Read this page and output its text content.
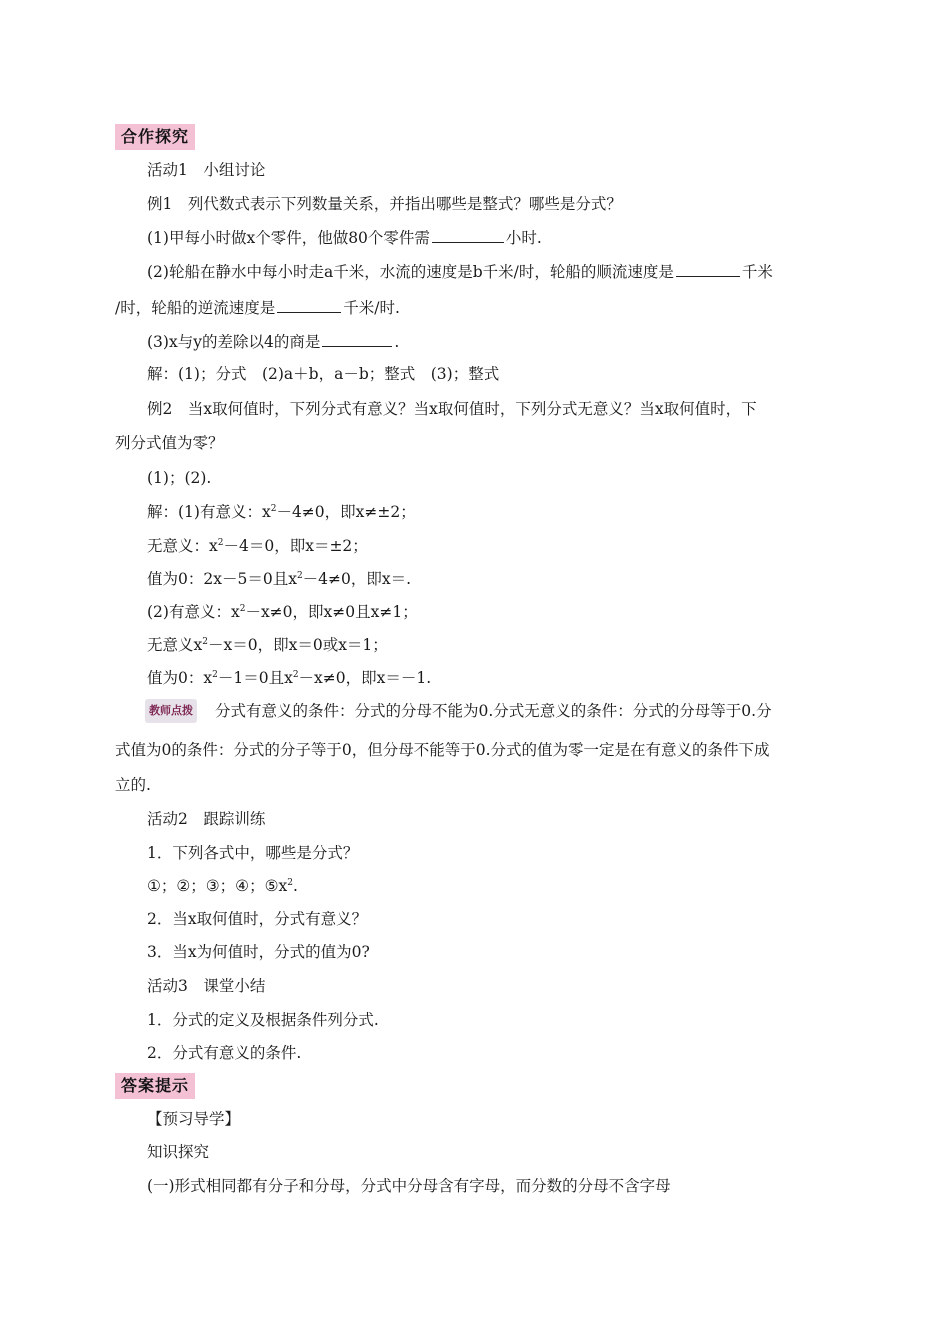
合作探究
活动1　小组讨论
例1　列代数式表示下列数量关系，并指出哪些是整式？哪些是分式？
(1)甲每小时做x个零件，他做80个零件需	小时.
(2)轮船在静水中每小时走a千米，水流的速度是b千米/时，轮船的顺流速度是	千米
/时，轮船的逆流速度是	千米/时.
(3)x与y的差除以4的商是	.
解：(1)；分式　(2)a＋b，a－b；整式　(3)；整式
例2　当x取何值时，下列分式有意义？当x取何值时，下列分式无意义？当x取何值时，下
列分式值为零？
(1)；(2).
解：(1)有意义：$x^2-4\ne 0$，即x≠±2；
无意义：$x^2-4=0$，即x＝±2；
值为0：2x－5＝0且$x^2-4\ne 0$，即x＝.
(2)有意义：$x^2-x\ne 0$，即x≠0且x≠1；
无意义$x^2-x=0$，即x＝0或x＝1；
值为0：$x^2-1=0$且$x^2-x\ne 0$，即x＝－1.
教师点拨 分式有意义的条件：分式的分母不能为0.分式无意义的条件：分式的分母等于0.分
式值为0的条件：分式的分子等于0，但分母不能等于0.分式的值为零一定是在有意义的条件下成
立的.
活动2　跟踪训练
1．下列各式中，哪些是分式？
①；②；③；④；$⑤x^2$.
2．当x取何值时，分式有意义？
3．当x为何值时，分式的值为0?
活动3　课堂小结
1．分式的定义及根据条件列分式.
2．分式有意义的条件.
答案提示
【预习导学】
知识探究
(一)形式相同都有分子和分母，分式中分母含有字母，而分数的分母不含字母
